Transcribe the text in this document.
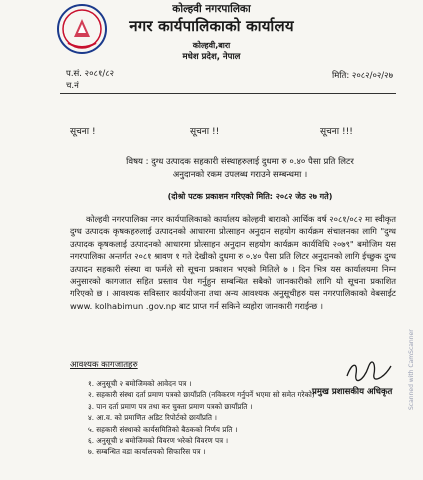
कोल्हवी नगरपालिका
नगर कार्यपालिकाको कार्यालय
कोल्हवी,बारा
मधेश प्रदेश, नेपाल
प.सं. २०८१/८२
च.नं
मिति: २०८२/०२/२७
सूचना !	सूचना !!	सूचना !!!
विषय : दुग्ध उत्पादक सहकारी संस्थाहरुलाई दुधमा रु ०.४० पैसा प्रति लिटर
अनुदानको रकम उपलब्ध गराउने सम्बन्धमा ।
(दोश्रो पटक प्रकाशन गरिएको मिति: २०८२ जेठ २७ गते)
कोल्हवी नगरपालिका नगर कार्यपालिकाको कार्यालय कोल्हवी बाराको आर्थिक वर्ष २०८१/०८२ मा स्वीकृत दुग्ध उत्पादक कृषकहरुलाई उत्पादनको आधारमा प्रोत्साहन अनुदान सहयोग कार्यक्रम संचालनका लागि "दुग्ध उत्पादक कृषकलाई उत्पादनको आधारमा प्रोत्साहन अनुदान सहयोग कार्यक्रम कार्यविधि २०७९" बमोजिम यस नगरपालिका अन्तर्गत २०८१ श्रावण १ गते देखीको दुधमा रु ०.४० पैसा प्रति लिटर अनुदानको लागि ईच्छुक दुग्ध उत्पादन सहकारी संस्था वा फर्मले सो सूचना प्रकाशन भएको मितिले ७ । दिन भित्र यस कार्यालयमा निम्न अनुसारको कागजात सहित प्रस्ताव पेश गर्नुहुन सम्बन्धित सबैको जानकारीको लागि यो सूचना प्रकाशित गरिएको छ । आवश्यक सविस्तार कार्ययोजना तथा अन्य आवश्यक अनुसूचीहरु यस नगरपालिकाको वेबसाईट www. kolhabimun .gov.np बाट प्राप्त गर्न सकिने व्यहोरा जानकारी गराईन्छ ।
आवश्यक कागजातहरु
१. अनुसूची २ बमोजिमको आवेदन पत्र ।
२. सहकारी संस्था दर्ता प्रमाण पत्रको छायाँप्रति (नविकरण गर्नुपर्ने भएमा सो समेत गरेको)
३. पान दर्ता प्रमाण पत्र तथा कर चुक्ता प्रमाण पत्रको छायाँप्रति ।
४. आ.व. को प्रमाणित अडिट रिपोर्टको छायाँप्रति ।
५. सहकारी संस्थाको कार्यसमितिको बैठकको निर्णय प्रति ।
६. अनुसूची ४ बमोजिमको विवरण भरेको विवरण पत्र ।
७. सम्बन्धित वडा कार्यालयको सिफारिस पत्र ।
प्रमुख प्रशासकीय अधिकृत	Scanned with CamScanner
